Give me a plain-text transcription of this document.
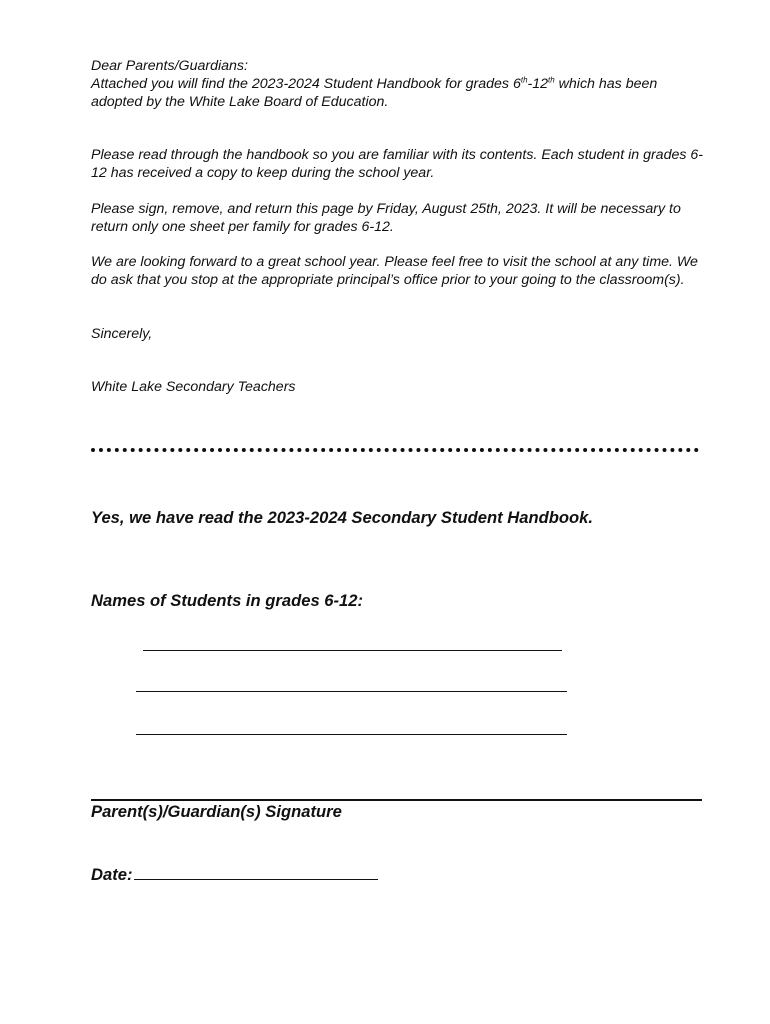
Dear Parents/Guardians:
Attached you will find the 2023-2024 Student Handbook for grades 6th-12th which has been adopted by the White Lake Board of Education.

Please read through the handbook so you are familiar with its contents. Each student in grades 6-12 has received a copy to keep during the school year.

Please sign, remove, and return this page by Friday, August 25th, 2023. It will be necessary to return only one sheet per family for grades 6-12.

We are looking forward to a great school year. Please feel free to visit the school at any time. We do ask that you stop at the appropriate principal’s office prior to your going to the classroom(s).

Sincerely,

White Lake Secondary Teachers

Yes, we have read the 2023-2024 Secondary Student Handbook.

Names of Students in grades 6-12:

Parent(s)/Guardian(s) Signature

Date:
